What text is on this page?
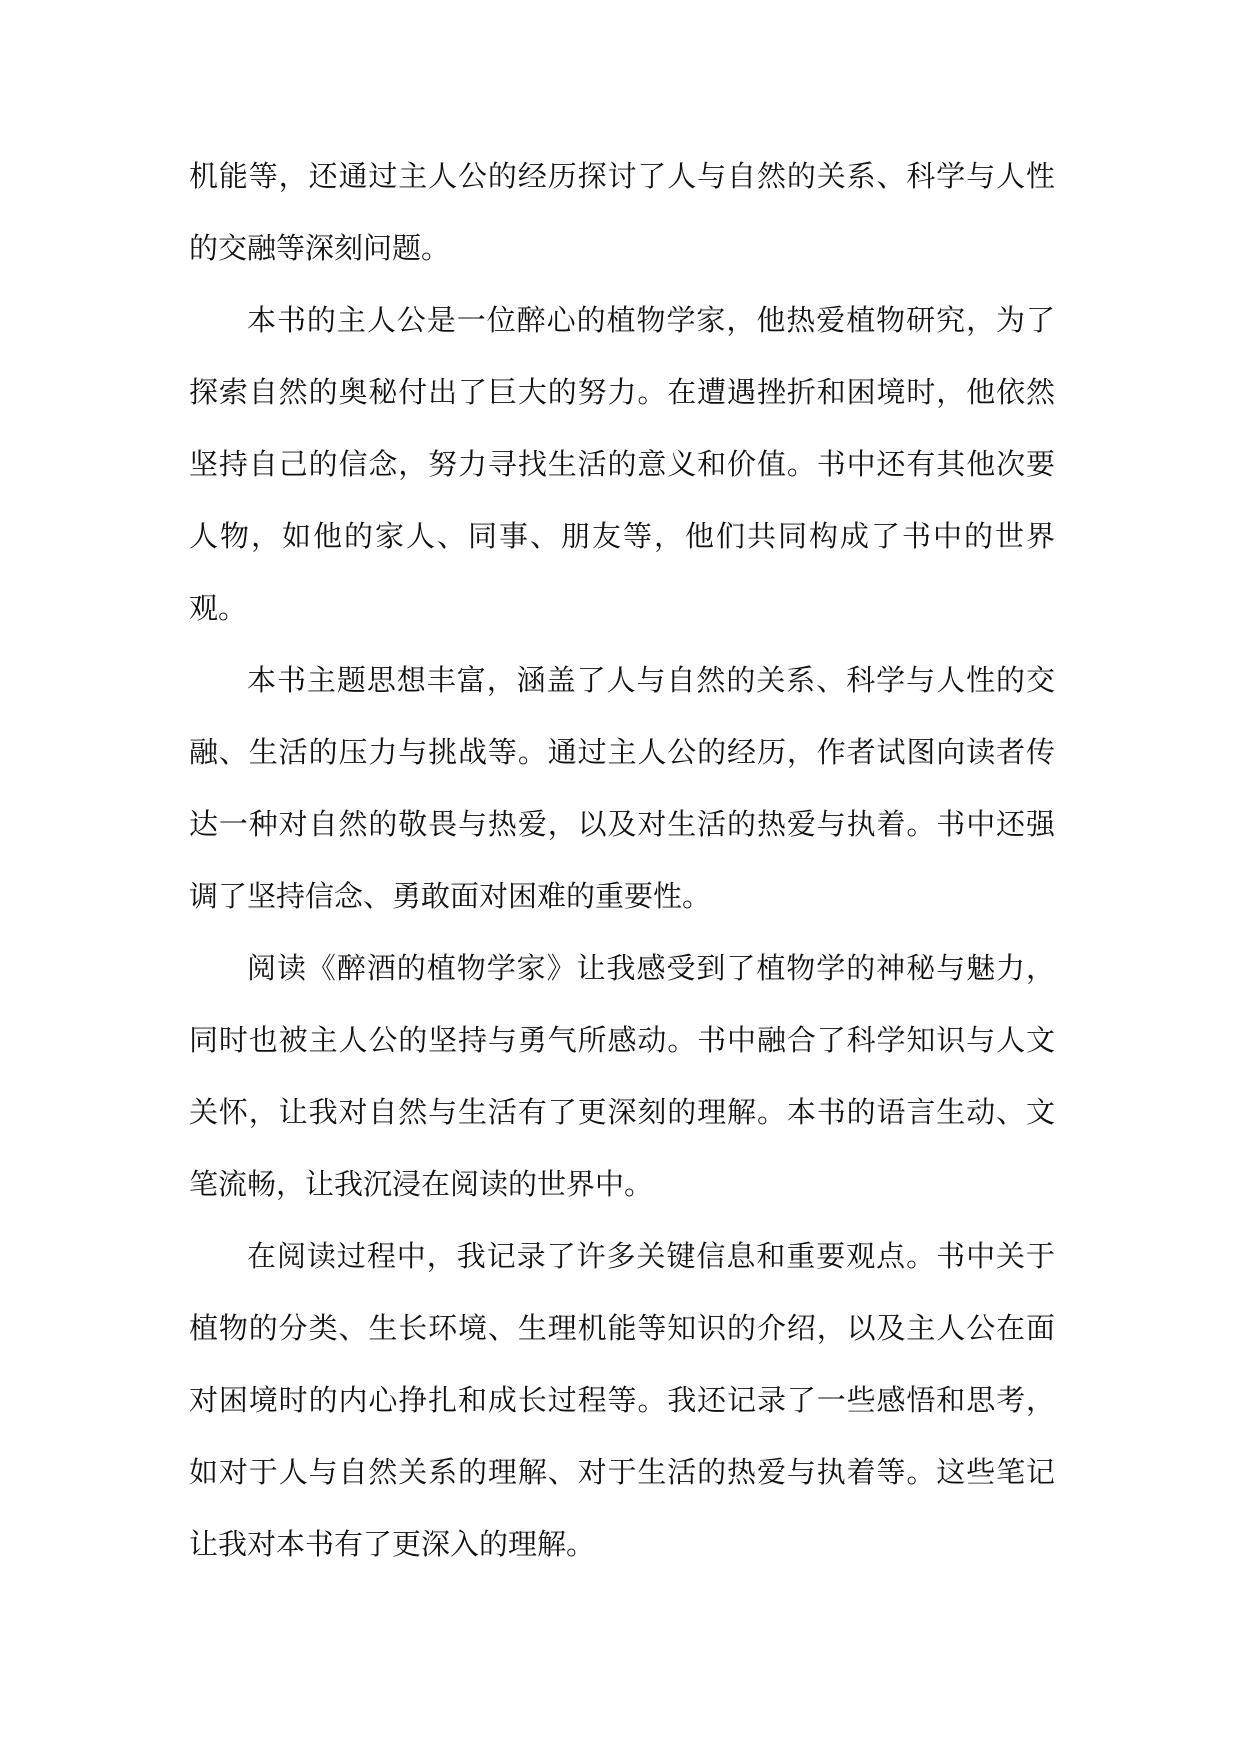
机能等，还通过主人公的经历探讨了人与自然的关系、科学与人性的交融等深刻问题。

本书的主人公是一位醉心的植物学家，他热爱植物研究，为了探索自然的奥秘付出了巨大的努力。在遭遇挫折和困境时，他依然坚持自己的信念，努力寻找生活的意义和价值。书中还有其他次要人物，如他的家人、同事、朋友等，他们共同构成了书中的世界观。

本书主题思想丰富，涵盖了人与自然的关系、科学与人性的交融、生活的压力与挑战等。通过主人公的经历，作者试图向读者传达一种对自然的敬畏与热爱，以及对生活的热爱与执着。书中还强调了坚持信念、勇敢面对困难的重要性。

阅读《醉酒的植物学家》让我感受到了植物学的神秘与魅力，同时也被主人公的坚持与勇气所感动。书中融合了科学知识与人文关怀，让我对自然与生活有了更深刻的理解。本书的语言生动、文笔流畅，让我沉浸在阅读的世界中。

在阅读过程中，我记录了许多关键信息和重要观点。书中关于植物的分类、生长环境、生理机能等知识的介绍，以及主人公在面对困境时的内心挣扎和成长过程等。我还记录了一些感悟和思考，如对于人与自然关系的理解、对于生活的热爱与执着等。这些笔记让我对本书有了更深入的理解。
